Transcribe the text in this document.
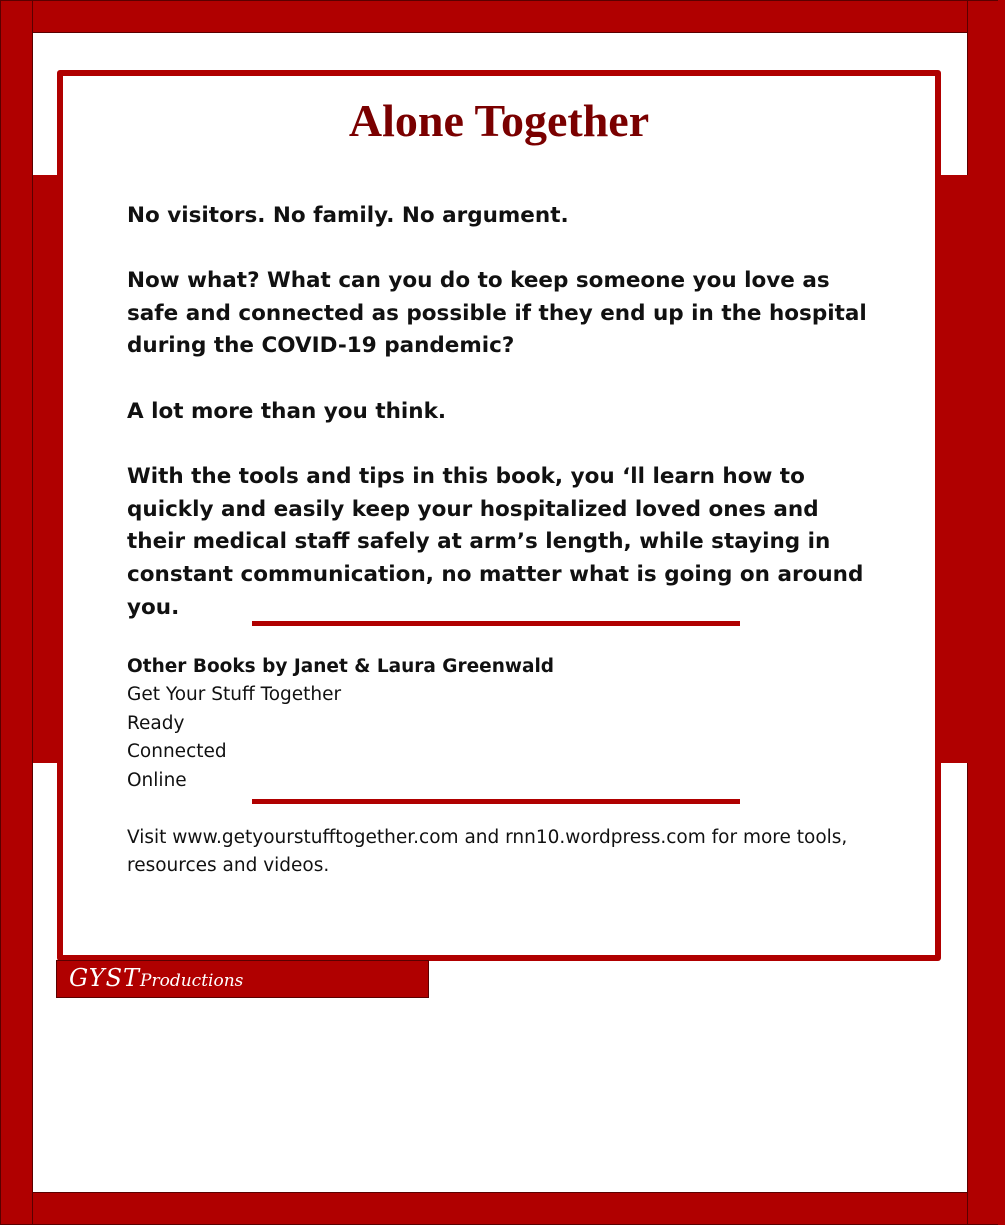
Alone Together

No visitors. No family. No argument.

Now what? What can you do to keep someone you love as safe and connected as possible if they end up in the hospital during the COVID-19 pandemic?

A lot more than you think.

With the tools and tips in this book, you ‘ll learn how to quickly and easily keep your hospitalized loved ones and their medical staff safely at arm’s length, while staying in constant communication, no matter what is going on around you.

Other Books by Janet & Laura Greenwald
Get Your Stuff Together
Ready
Connected
Online

Visit www.getyourstufftogether.com and rnn10.wordpress.com for more tools, resources and videos.

GYSTProductions
